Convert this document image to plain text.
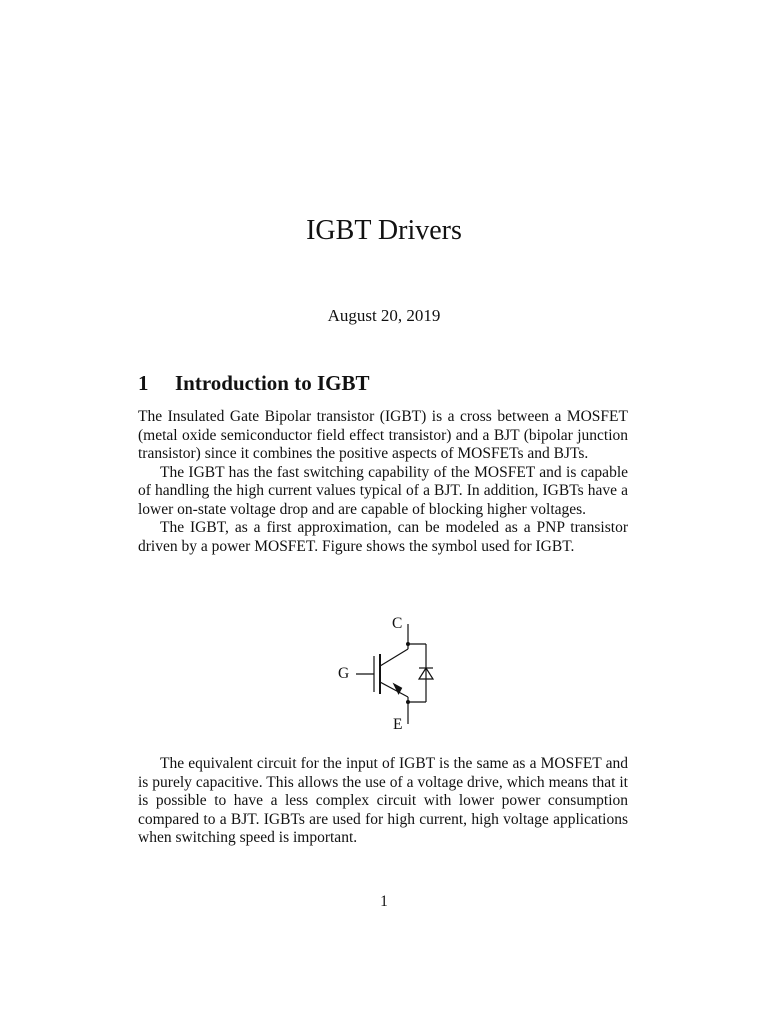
IGBT Drivers
August 20, 2019
1 Introduction to IGBT

The Insulated Gate Bipolar transistor (IGBT) is a cross between a MOSFET (metal oxide semiconductor field effect transistor) and a BJT (bipolar junction transistor) since it combines the positive aspects of MOSFETs and BJTs.

The IGBT has the fast switching capability of the MOSFET and is capable of handling the high current values typical of a BJT. In addition, IGBTs have a lower on-state voltage drop and are capable of blocking higher voltages.

The IGBT, as a first approximation, can be modeled as a PNP transistor driven by a power MOSFET. Figure shows the symbol used for IGBT.

C
G
E

The equivalent circuit for the input of IGBT is the same as a MOSFET and is purely capacitive. This allows the use of a voltage drive, which means that it is possible to have a less complex circuit with lower power consumption compared to a BJT. IGBTs are used for high current, high voltage applications when switching speed is important.

1
